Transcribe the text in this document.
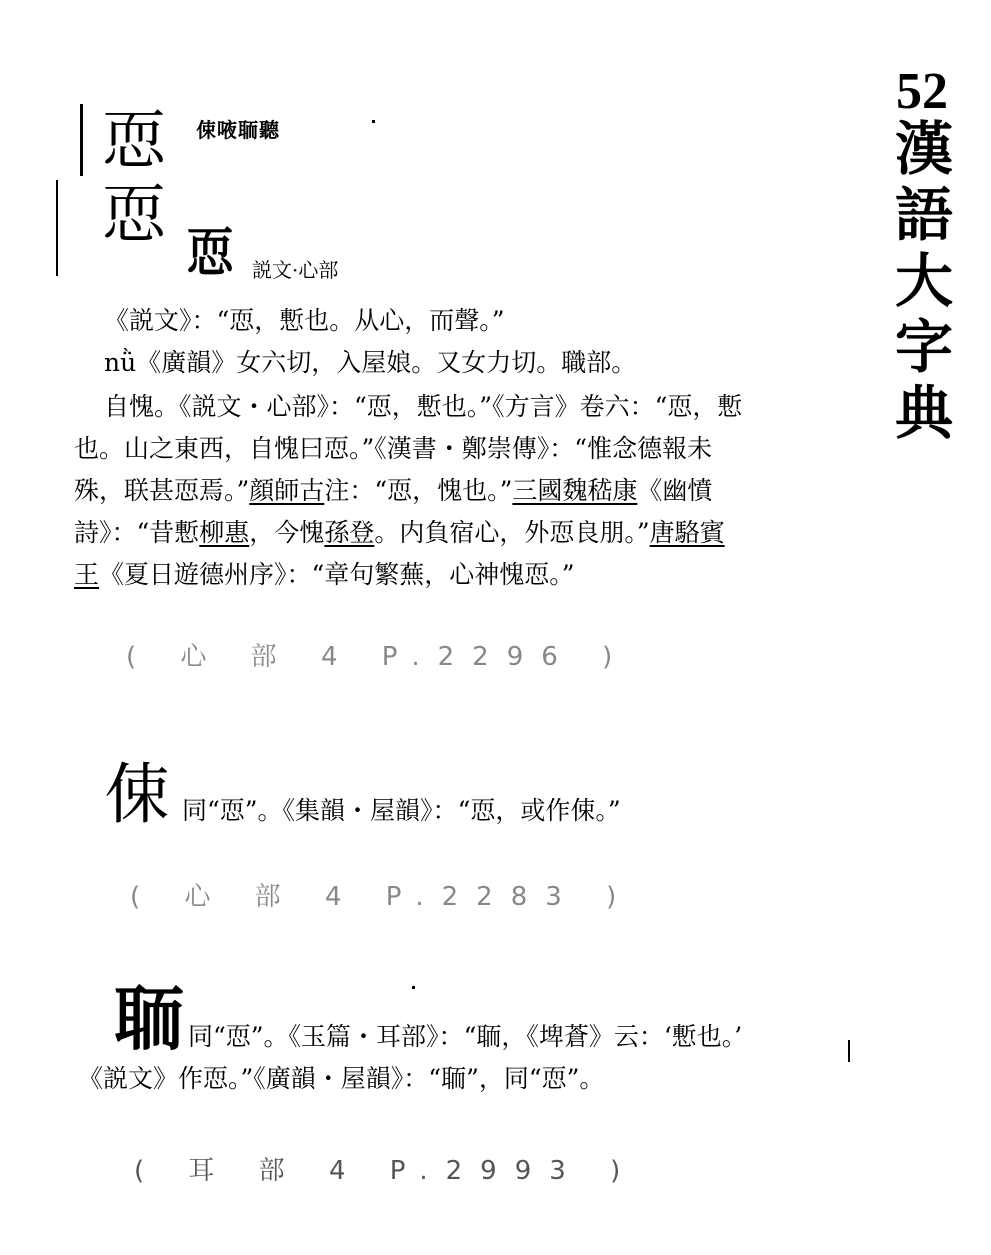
52
漢
語
大
字
典
恧
恧
㑛㖡聏聽
恧 説文·心部
《説文》：“恧，慙也。从心，而聲。”
nǜ《廣韻》女六切，入屋娘。又女力切。職部。
自愧。《説文・心部》：“恧，慙也。”《方言》卷六：“恧，慙
也。山之東西，自愧曰恧。”《漢書・鄭崇傳》：“惟念德報未
殊，联甚恧焉。”顔師古注：“恧，愧也。”三國魏嵇康《幽憤
詩》：“昔慙柳惠，今愧孫登。内負宿心，外恧良朋。”唐駱賓
王《夏日遊德州序》：“章句繁蕪，心神愧恧。”
( 心 部 4 P.2296 )
㑛 同“恧”。《集韻・屋韻》：“恧，或作㑛。”
( 心 部 4 P.2283 )
聏 同“恧”。《玉篇・耳部》：“聏，《埤蒼》云：‘慙也。’
《説文》作恧。”《廣韻・屋韻》：“聏”，同“恧”。
( 耳 部 4 P.2993 )
